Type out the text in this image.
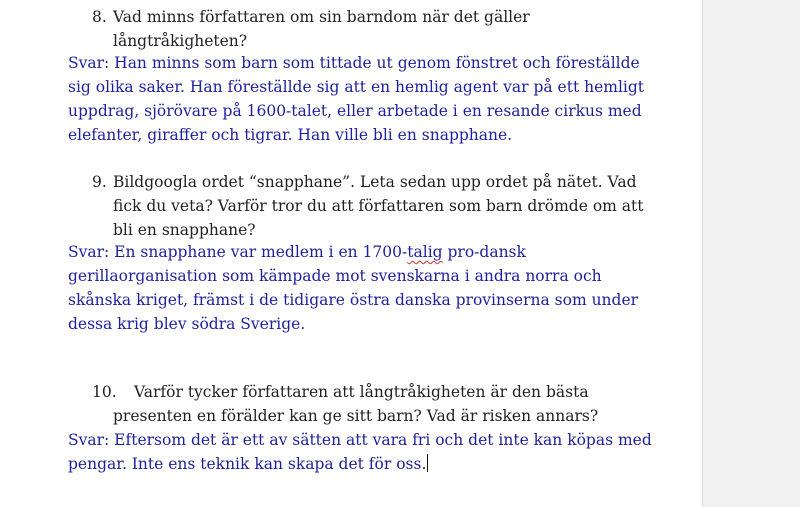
8. Vad minns författaren om sin barndom när det gäller
långtråkigheten?
Svar: Han minns som barn som tittade ut genom fönstret och föreställde
sig olika saker. Han föreställde sig att en hemlig agent var på ett hemligt
uppdrag, sjörövare på 1600-talet, eller arbetade i en resande cirkus med
elefanter, giraffer och tigrar. Han ville bli en snapphane.
9. Bildgoogla ordet “snapphane”. Leta sedan upp ordet på nätet. Vad
fick du veta? Varför tror du att författaren som barn drömde om att
bli en snapphane?
Svar: En snapphane var medlem i en 1700-talig pro-dansk
gerillaorganisation som kämpade mot svenskarna i andra norra och
skånska kriget, främst i de tidigare östra danska provinserna som under
dessa krig blev södra Sverige.
10. Varför tycker författaren att långtråkigheten är den bästa
presenten en förälder kan ge sitt barn? Vad är risken annars?
Svar: Eftersom det är ett av sätten att vara fri och det inte kan köpas med
pengar. Inte ens teknik kan skapa det för oss.
